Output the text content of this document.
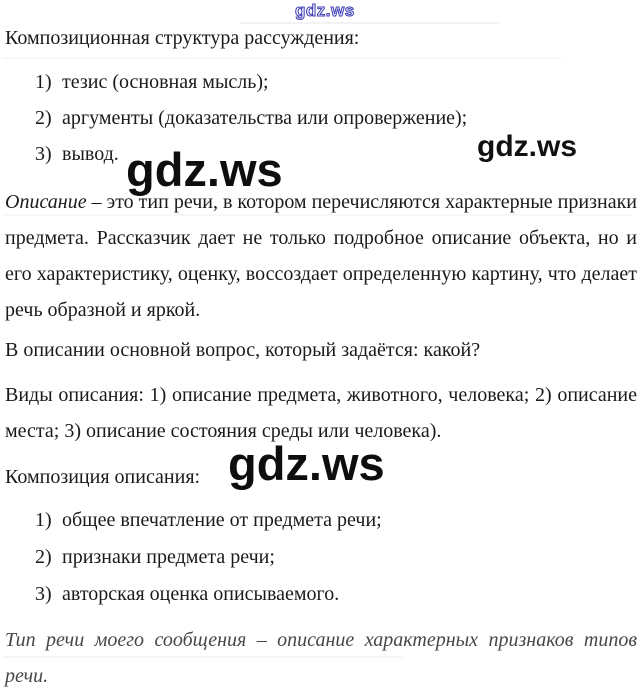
gdz.ws
gdz.ws	gdz.ws
gdz.ws

Композиционная структура рассуждения:

1) тезис (основная мысль);
2) аргументы (доказательства или опровержение);
3) вывод.

Описание – это тип речи, в котором перечисляются характерные признаки предмета. Рассказчик дает не только подробное описание объекта, но и его характеристику, оценку, воссоздает определенную картину, что делает речь образной и яркой.

В описании основной вопрос, который задаётся: какой?

Виды описания: 1) описание предмета, животного, человека; 2) описание места; 3) описание состояния среды или человека).

Композиция описания:

1) общее впечатление от предмета речи;
2) признаки предмета речи;
3) авторская оценка описываемого.

Тип речи моего сообщения – описание характерных признаков типов речи.
